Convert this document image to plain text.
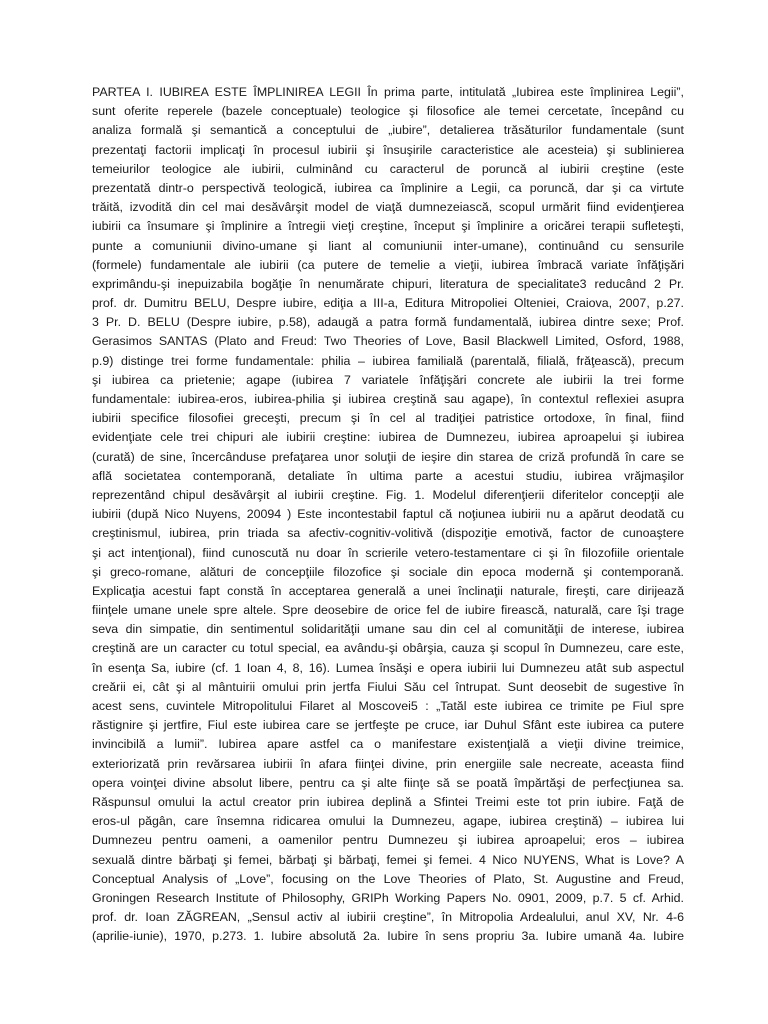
PARTEA I. IUBIREA ESTE ÎMPLINIREA LEGII În prima parte, intitulată „Iubirea este împlinirea Legii”,
sunt oferite reperele (bazele conceptuale) teologice şi filosofice ale temei cercetate, începând cu
analiza formală şi semantică a conceptului de „iubire”, detalierea trăsăturilor fundamentale (sunt
prezentaţi factorii implicaţi în procesul iubirii şi însuşirile caracteristice ale acesteia) şi sublinierea
temeiurilor teologice ale iubirii, culminând cu caracterul de poruncă al iubirii creştine (este
prezentată dintr-o perspectivă teologică, iubirea ca împlinire a Legii, ca poruncă, dar şi ca virtute
trăită, izvodită din cel mai desăvârşit model de viaţă dumnezeiască, scopul urmărit fiind evidenţierea
iubirii ca însumare şi împlinire a întregii vieţi creştine, început şi împlinire a oricărei terapii sufleteşti,
punte a comuniunii divino-umane şi liant al comuniunii inter-umane), continuând cu sensurile
(formele) fundamentale ale iubirii (ca putere de temelie a vieţii, iubirea îmbracă variate înfăţişări
exprimându-şi inepuizabila bogăţie în nenumărate chipuri, literatura de specialitate3 reducând 2 Pr.
prof. dr. Dumitru BELU, Despre iubire, ediţia a III-a, Editura Mitropoliei Olteniei, Craiova, 2007, p.27.
3 Pr. D. BELU (Despre iubire, p.58), adaugă a patra formă fundamentală, iubirea dintre sexe; Prof.
Gerasimos SANTAS (Plato and Freud: Two Theories of Love, Basil Blackwell Limited, Osford, 1988,
p.9) distinge trei forme fundamentale: philia – iubirea familială (parentală, filială, frăţească), precum
şi iubirea ca prietenie; agape (iubirea 7 variatele înfăţişări concrete ale iubirii la trei forme
fundamentale: iubirea-eros, iubirea-philia şi iubirea creştină sau agape), în contextul reflexiei asupra
iubirii specifice filosofiei greceşti, precum şi în cel al tradiţiei patristice ortodoxe, în final, fiind
evidenţiate cele trei chipuri ale iubirii creştine: iubirea de Dumnezeu, iubirea aproapelui şi iubirea
(curată) de sine, încercânduse prefaţarea unor soluţii de ieşire din starea de criză profundă în care se
află societatea contemporană, detaliate în ultima parte a acestui studiu, iubirea vrăjmaşilor
reprezentând chipul desăvârşit al iubirii creştine. Fig. 1. Modelul diferenţierii diferitelor concepţii ale
iubirii (după Nico Nuyens, 20094 ) Este incontestabil faptul că noţiunea iubirii nu a apărut deodată cu
creştinismul, iubirea, prin triada sa afectiv-cognitiv-volitivă (dispoziţie emotivă, factor de cunoaştere
şi act intenţional), fiind cunoscută nu doar în scrierile vetero-testamentare ci şi în filozofiile orientale
şi greco-romane, alături de concepţiile filozofice şi sociale din epoca modernă şi contemporană.
Explicaţia acestui fapt constă în acceptarea generală a unei înclinaţii naturale, fireşti, care dirijează
fiinţele umane unele spre altele. Spre deosebire de orice fel de iubire firească, naturală, care îşi trage
seva din simpatie, din sentimentul solidarităţii umane sau din cel al comunităţii de interese, iubirea
creştină are un caracter cu totul special, ea avându-şi obârşia, cauza şi scopul în Dumnezeu, care este,
în esenţa Sa, iubire (cf. 1 Ioan 4, 8, 16). Lumea însăşi e opera iubirii lui Dumnezeu atât sub aspectul
creării ei, cât şi al mântuirii omului prin jertfa Fiului Său cel întrupat. Sunt deosebit de sugestive în
acest sens, cuvintele Mitropolitului Filaret al Moscovei5 : „Tatăl este iubirea ce trimite pe Fiul spre
răstignire şi jertfire, Fiul este iubirea care se jertfeşte pe cruce, iar Duhul Sfânt este iubirea ca putere
invincibilă a lumii”. Iubirea apare astfel ca o manifestare existenţială a vieţii divine treimice,
exteriorizată prin revărsarea iubirii în afara fiinţei divine, prin energiile sale necreate, aceasta fiind
opera voinţei divine absolut libere, pentru ca şi alte fiinţe să se poată împărtăşi de perfecţiunea sa.
Răspunsul omului la actul creator prin iubirea deplină a Sfintei Treimi este tot prin iubire. Faţă de
eros-ul păgân, care însemna ridicarea omului la Dumnezeu, agape, iubirea creştină) – iubirea lui
Dumnezeu pentru oameni, a oamenilor pentru Dumnezeu şi iubirea aproapelui; eros – iubirea
sexuală dintre bărbaţi şi femei, bărbaţi şi bărbaţi, femei şi femei. 4 Nico NUYENS, What is Love? A
Conceptual Analysis of „Love”, focusing on the Love Theories of Plato, St. Augustine and Freud,
Groningen Research Institute of Philosophy, GRIPh Working Papers No. 0901, 2009, p.7. 5 cf. Arhid.
prof. dr. Ioan ZĂGREAN, „Sensul activ al iubirii creştine”, în Mitropolia Ardealului, anul XV, Nr. 4-6
(aprilie-iunie), 1970, p.273. 1. Iubire absolută 2a. Iubire în sens propriu 3a. Iubire umană 4a. Iubire
